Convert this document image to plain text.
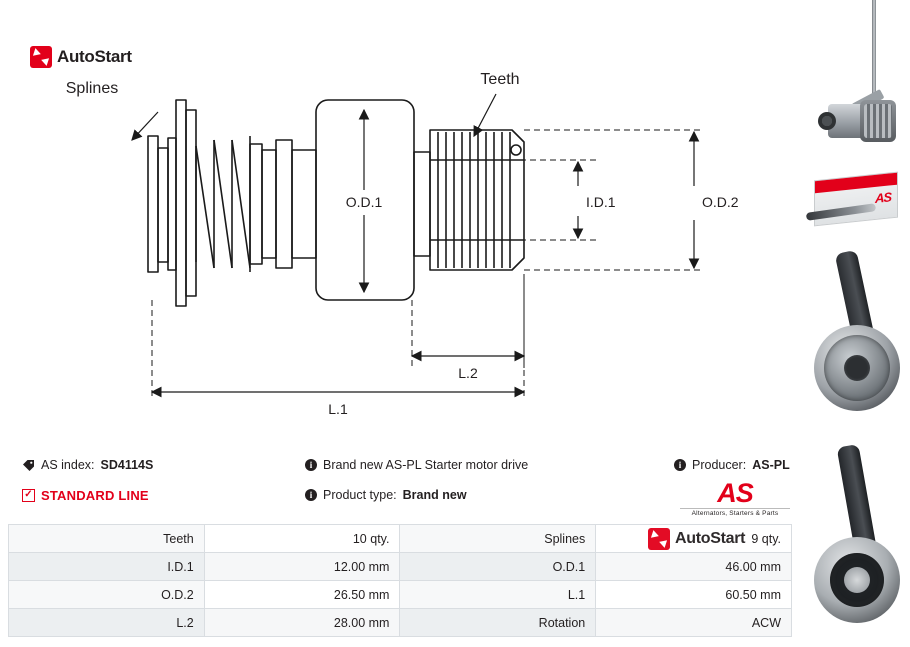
AutoStart
O.D.1	I.D.1	O.D.2
L.2
L.1
Splines
Teeth
AS index: SD4114S
✓ STANDARD LINE
i Brand new AS-PL Starter motor drive
i Product type: Brand new
i Producer: AS-PL
AS
Alternators, Starters & Parts
Teeth	10 qty.	Splines	9 qty.
I.D.1	12.00 mm	O.D.1	46.00 mm
O.D.2	26.50 mm	L.1	60.50 mm
L.2	28.00 mm	Rotation	ACW
AutoStart
AS
